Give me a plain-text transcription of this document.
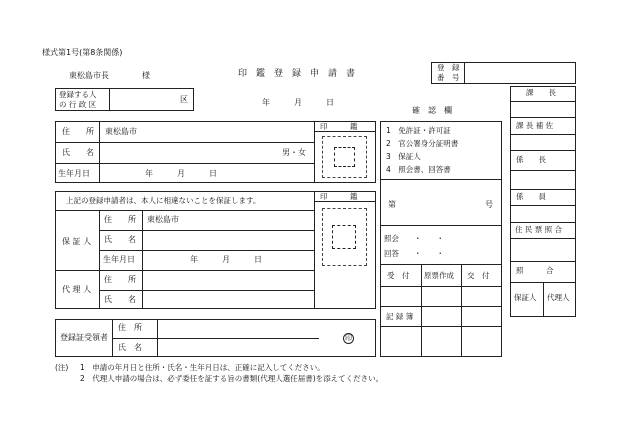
様式第1号(第8条関係)
東松島市長	様	印　鑑　登　録　申　請　書
登　録
番　号
登録する人
の 行 政 区
区	年　　　月　　　日
確　認　欄
印　　　鑑
住　　所 東松島市
氏　　名	男・女
生年月日	年　　　月　　　日
上記の登録申請者は、本人に相違ないことを保証します。	印　　　鑑
保 証 人
住　　所 東松島市
氏　　名
生年月日	年　　　月　　　日
代 理 人
住　　所
氏　　名
登録証受領者
住　所
氏　名
印
1　免許証・許可証
2　官公署身分証明書
3　保証人
4　照会書、回答書
第	号
照会　　・　　・
回答　　・　　・
受　付 原票作成 交　付
記 録 簿
課　　長
課 長 補 佐
係　　長
係　　員
住 民 票 照 合
照　　　合
保証人 代理人
(注) 1　申請の年月日と住所・氏名・生年月日は、正確に記入してください。
2　代理人申請の場合は、必ず委任を証する旨の書類(代理人選任届書)を添えてください。
